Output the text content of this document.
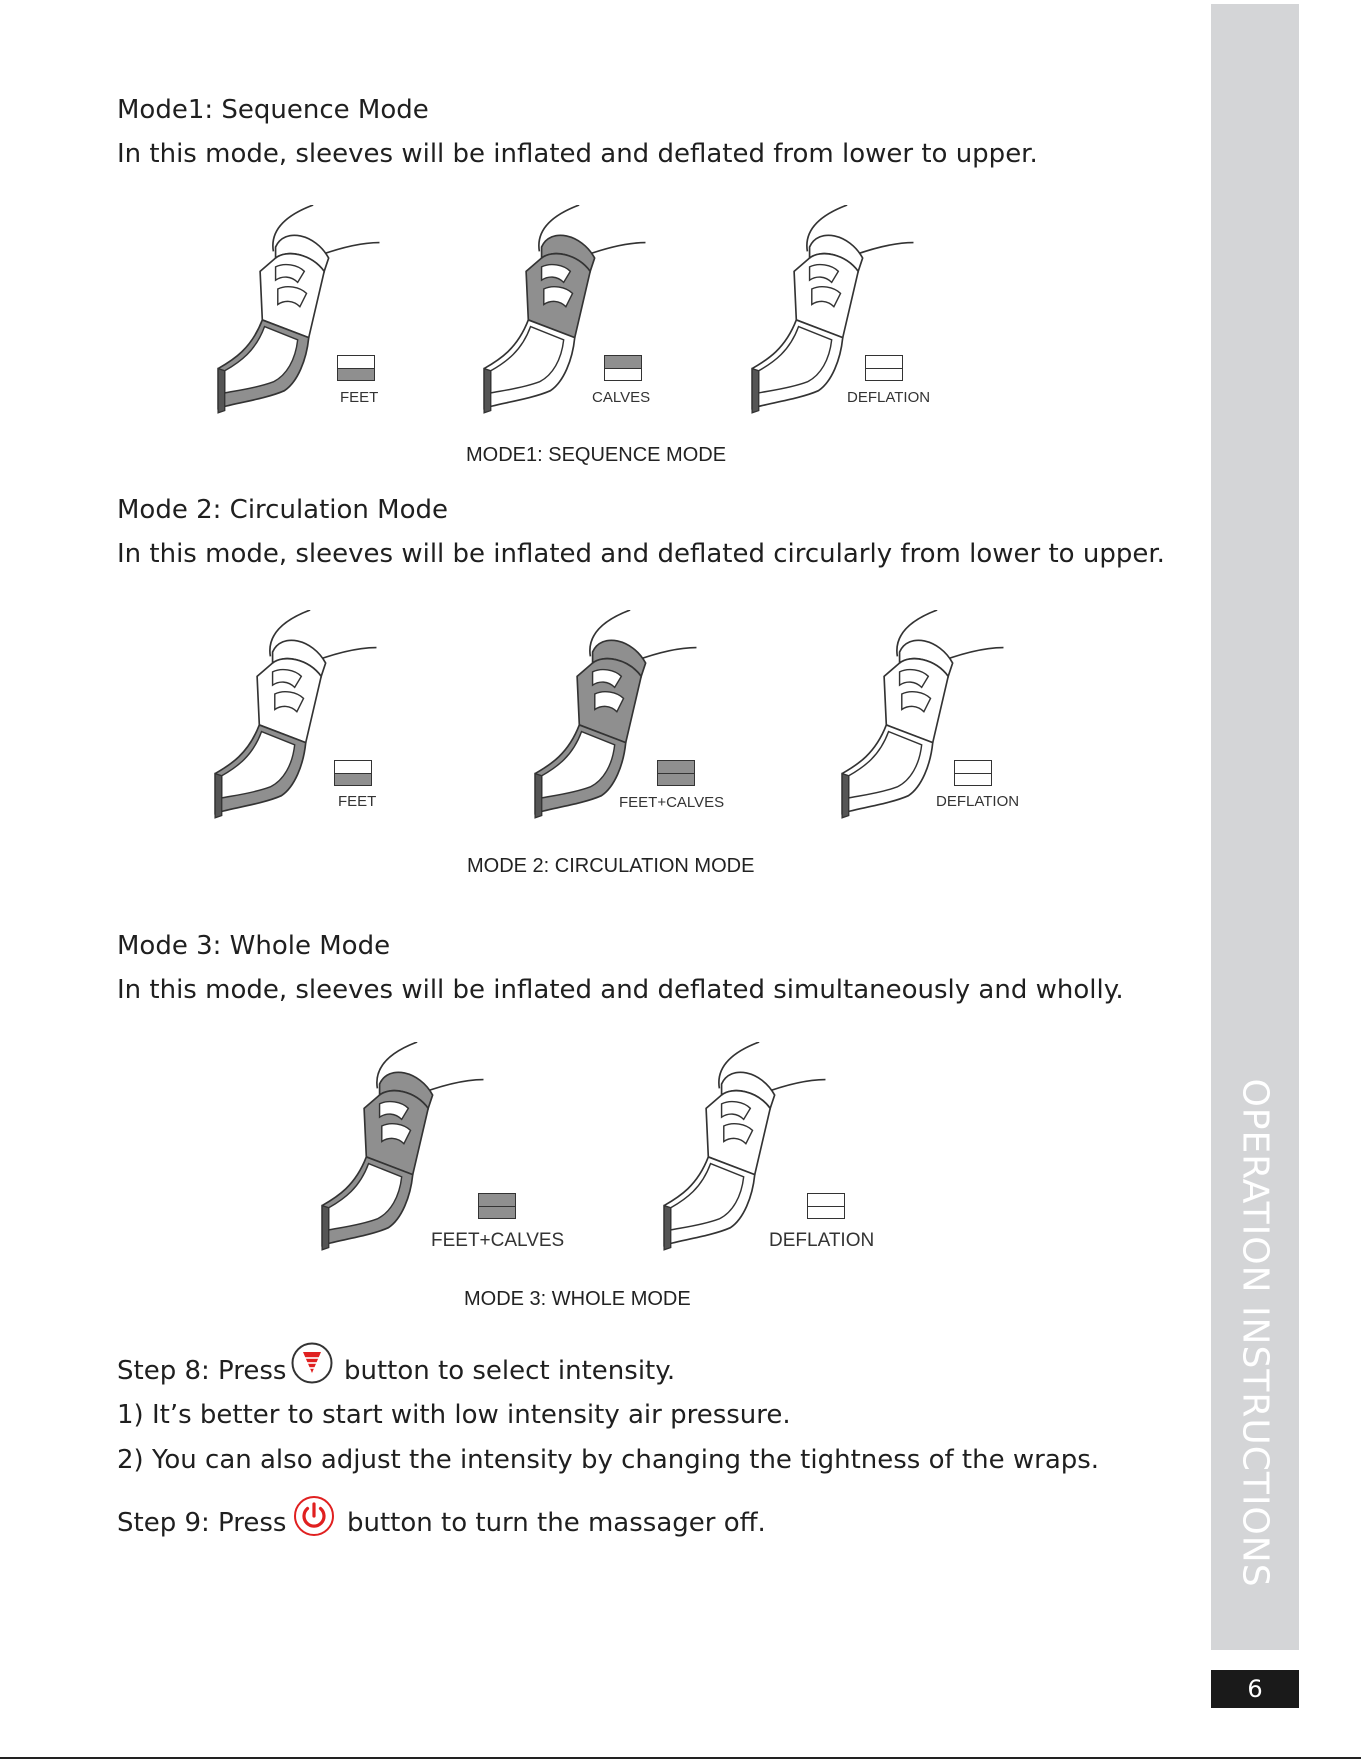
OPERATION INSTRUCTIONS
6
Mode1: Sequence Mode
In this mode, sleeves will be inflated and deflated from lower to upper.
FEET	CALVES	DEFLATION
MODE1: SEQUENCE MODE
Mode 2: Circulation Mode
In this mode, sleeves will be inflated and deflated circularly from lower to upper.
FEET	FEET+CALVES	DEFLATION
MODE 2: CIRCULATION MODE
Mode 3: Whole Mode
In this mode, sleeves will be inflated and deflated simultaneously and wholly.
FEET+CALVES	DEFLATION
MODE 3: WHOLE MODE
Step 8: Press button to select intensity.
1) It’s better to start with low intensity air pressure.
2) You can also adjust the intensity by changing the tightness of the wraps.
Step 9: Press button to turn the massager off.
